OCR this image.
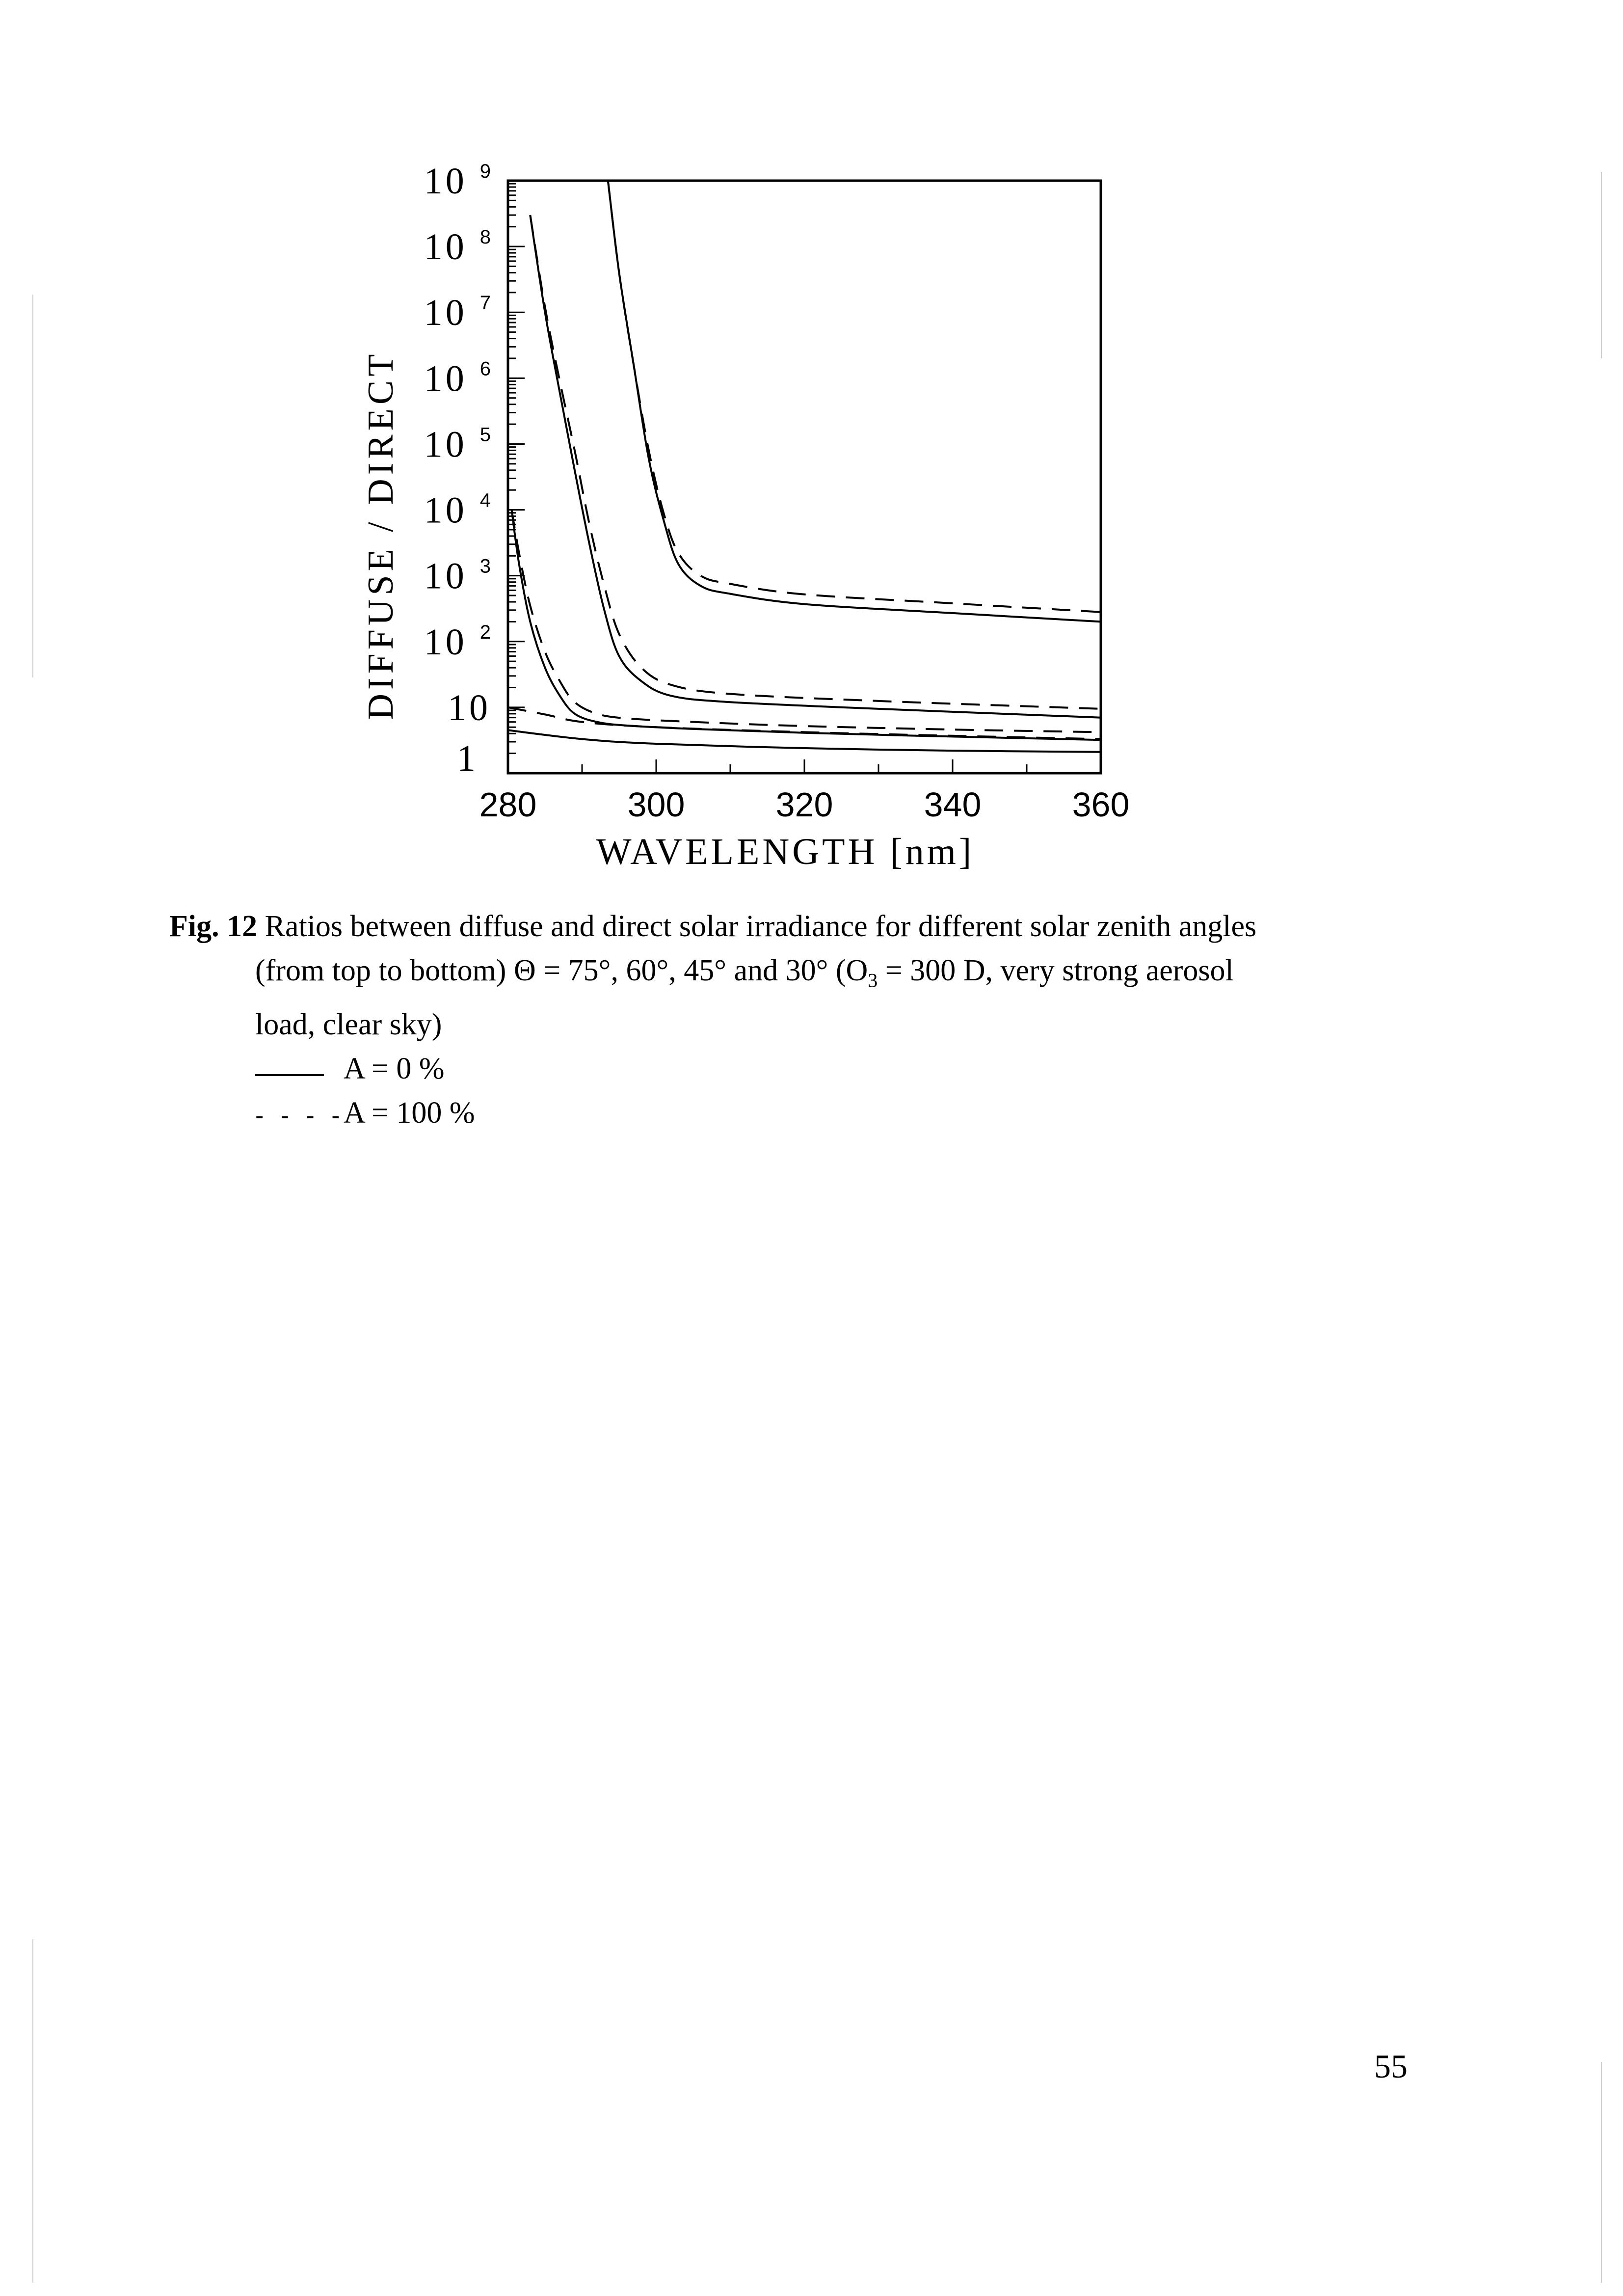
10 $^9$
10 $^8$
10 $^7$
10 $^6$
10 $^5$
10 $^4$
10 $^3$
10 $^2$
10
1
280	300	320	340	360
DIFFUSE / DIRECT
WAVELENGTH [nm]
Fig. 12 Ratios between diffuse and direct solar irradiance for different solar zenith angles
(from top to bottom) Θ = 75°, 60°, 45° and 30° ($O_3 = 300$ D, very strong aerosol
load, clear sky)
A = 0 %
- - - -A = 100 %
55
